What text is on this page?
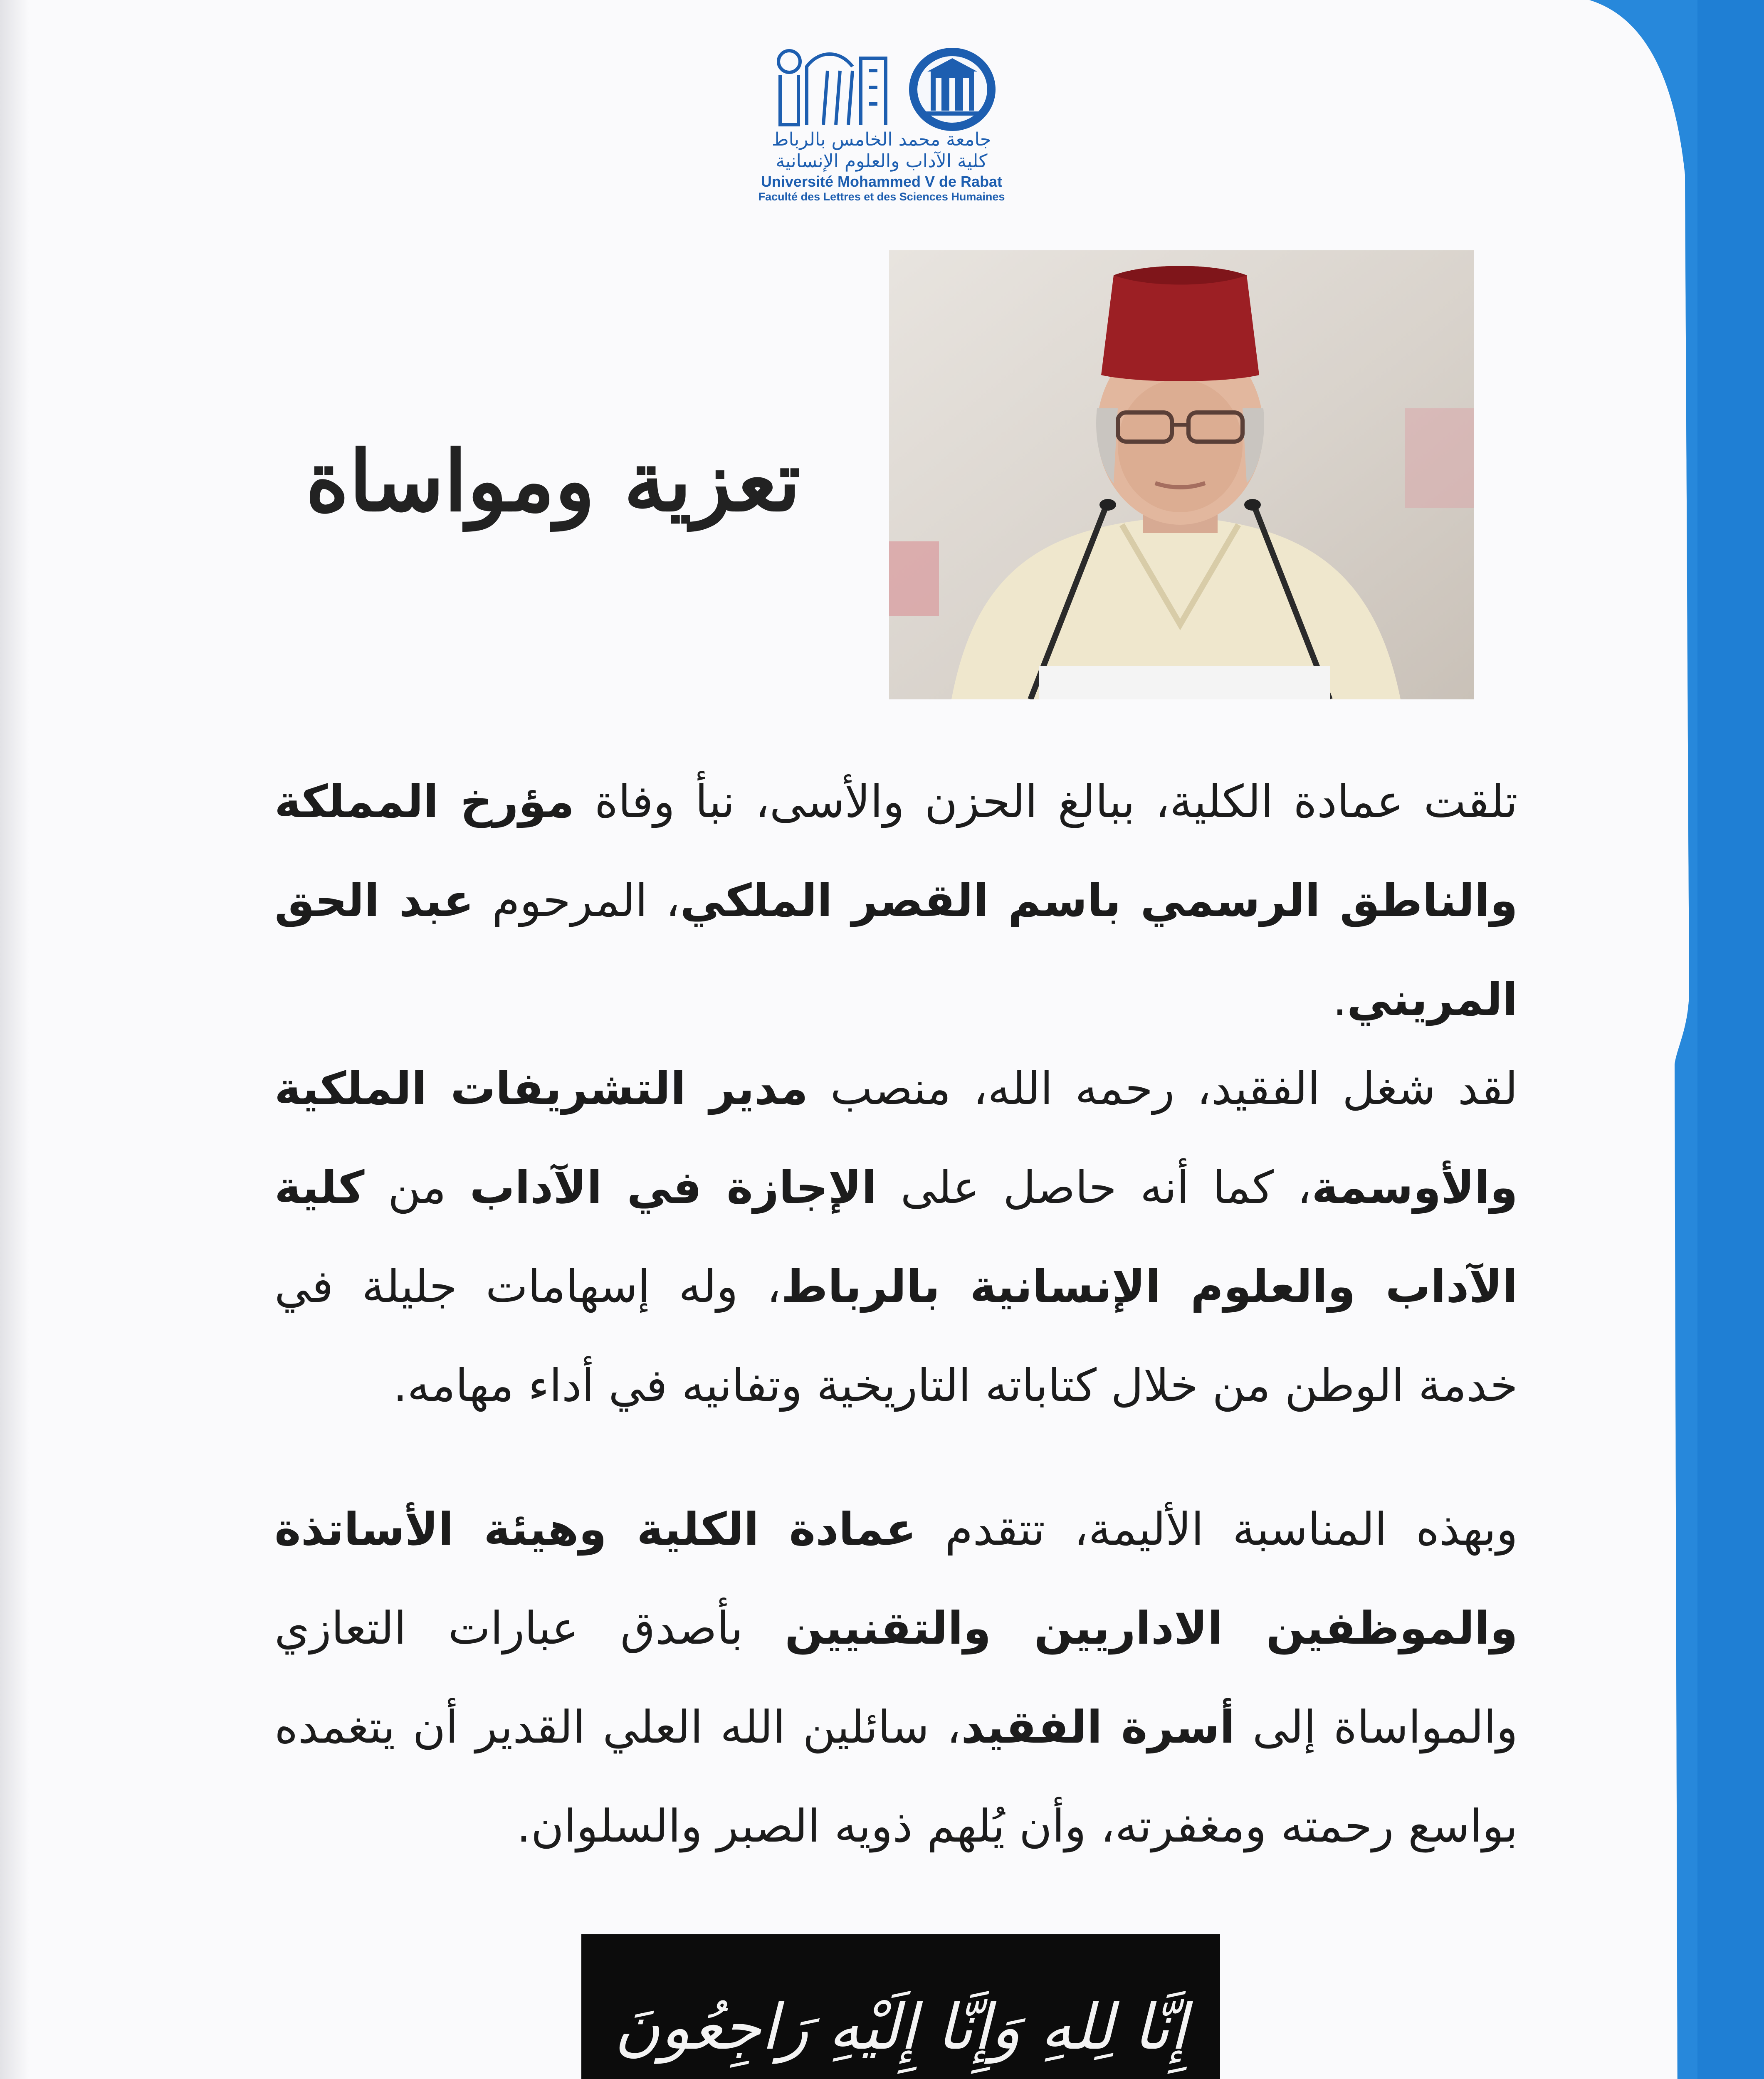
جامعة محمد الخامس بالرباط
كلية الآداب والعلوم الإنسانية
Université Mohammed V de Rabat
Faculté des Lettres et des Sciences Humaines
تعزية ومواساة
تلقت عمادة الكلية، ببالغ الحزن والأسى، نبأ وفاة مؤرخ المملكة والناطق الرسمي باسم القصر الملكي، المرحوم عبد الحق المريني.
لقد شغل الفقيد، رحمه الله، منصب مدير التشريفات الملكية والأوسمة، كما أنه حاصل على الإجازة في الآداب من كلية الآداب والعلوم الإنسانية بالرباط، وله إسهامات جليلة في خدمة الوطن من خلال كتاباته التاريخية وتفانيه في أداء مهامه.
وبهذه المناسبة الأليمة، تتقدم عمادة الكلية وهيئة الأساتذة والموظفين الاداريين والتقنيين بأصدق عبارات التعازي والمواساة إلى أسرة الفقيد، سائلين الله العلي القدير أن يتغمده بواسع رحمته ومغفرته، وأن يُلهم ذويه الصبر والسلوان.
إِنَّا لِلهِ وَإِنَّا إِلَيْهِ رَاجِعُونَ
